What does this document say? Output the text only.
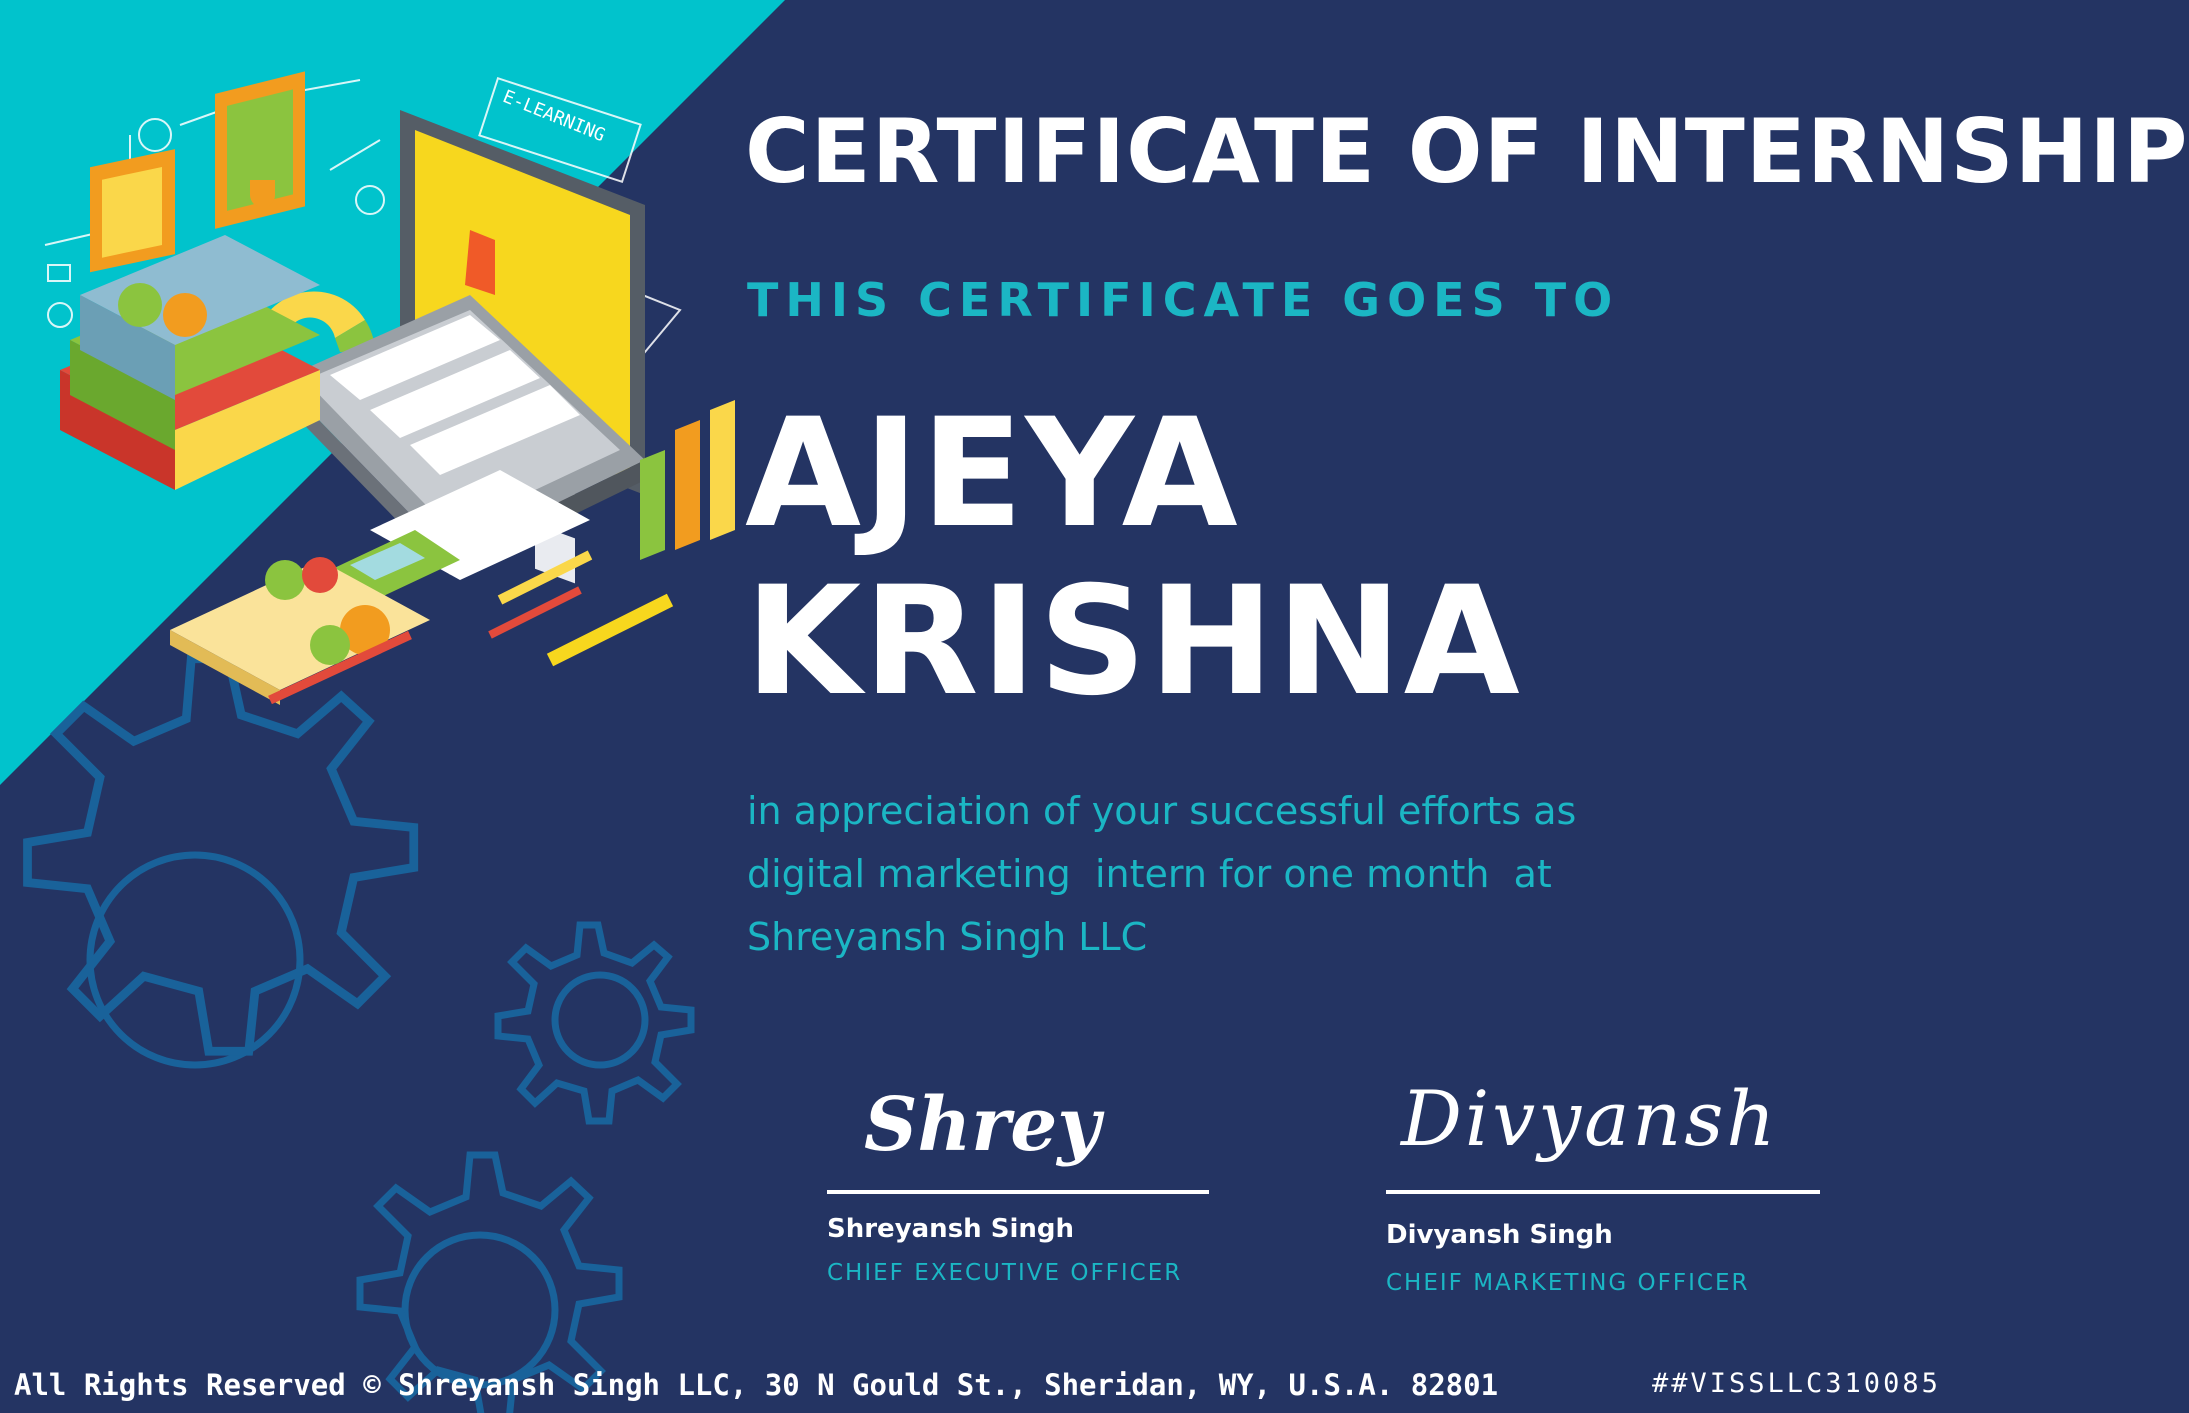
E-LEARNING CERTIFICATE OF INTERNSHIP
THIS CERTIFICATE GOES TO
AJEYA
KRISHNA
in appreciation of your successful efforts as
digital marketing  intern for one month  at
Shreyansh Singh LLC
Shrey
Shreyansh Singh
CHIEF EXECUTIVE OFFICER
Divyansh
Divyansh Singh
CHEIF MARKETING OFFICER
All Rights Reserved © Shreyansh Singh LLC, 30 N Gould St., Sheridan, WY, U.S.A. 82801	##VISSLLC310085
